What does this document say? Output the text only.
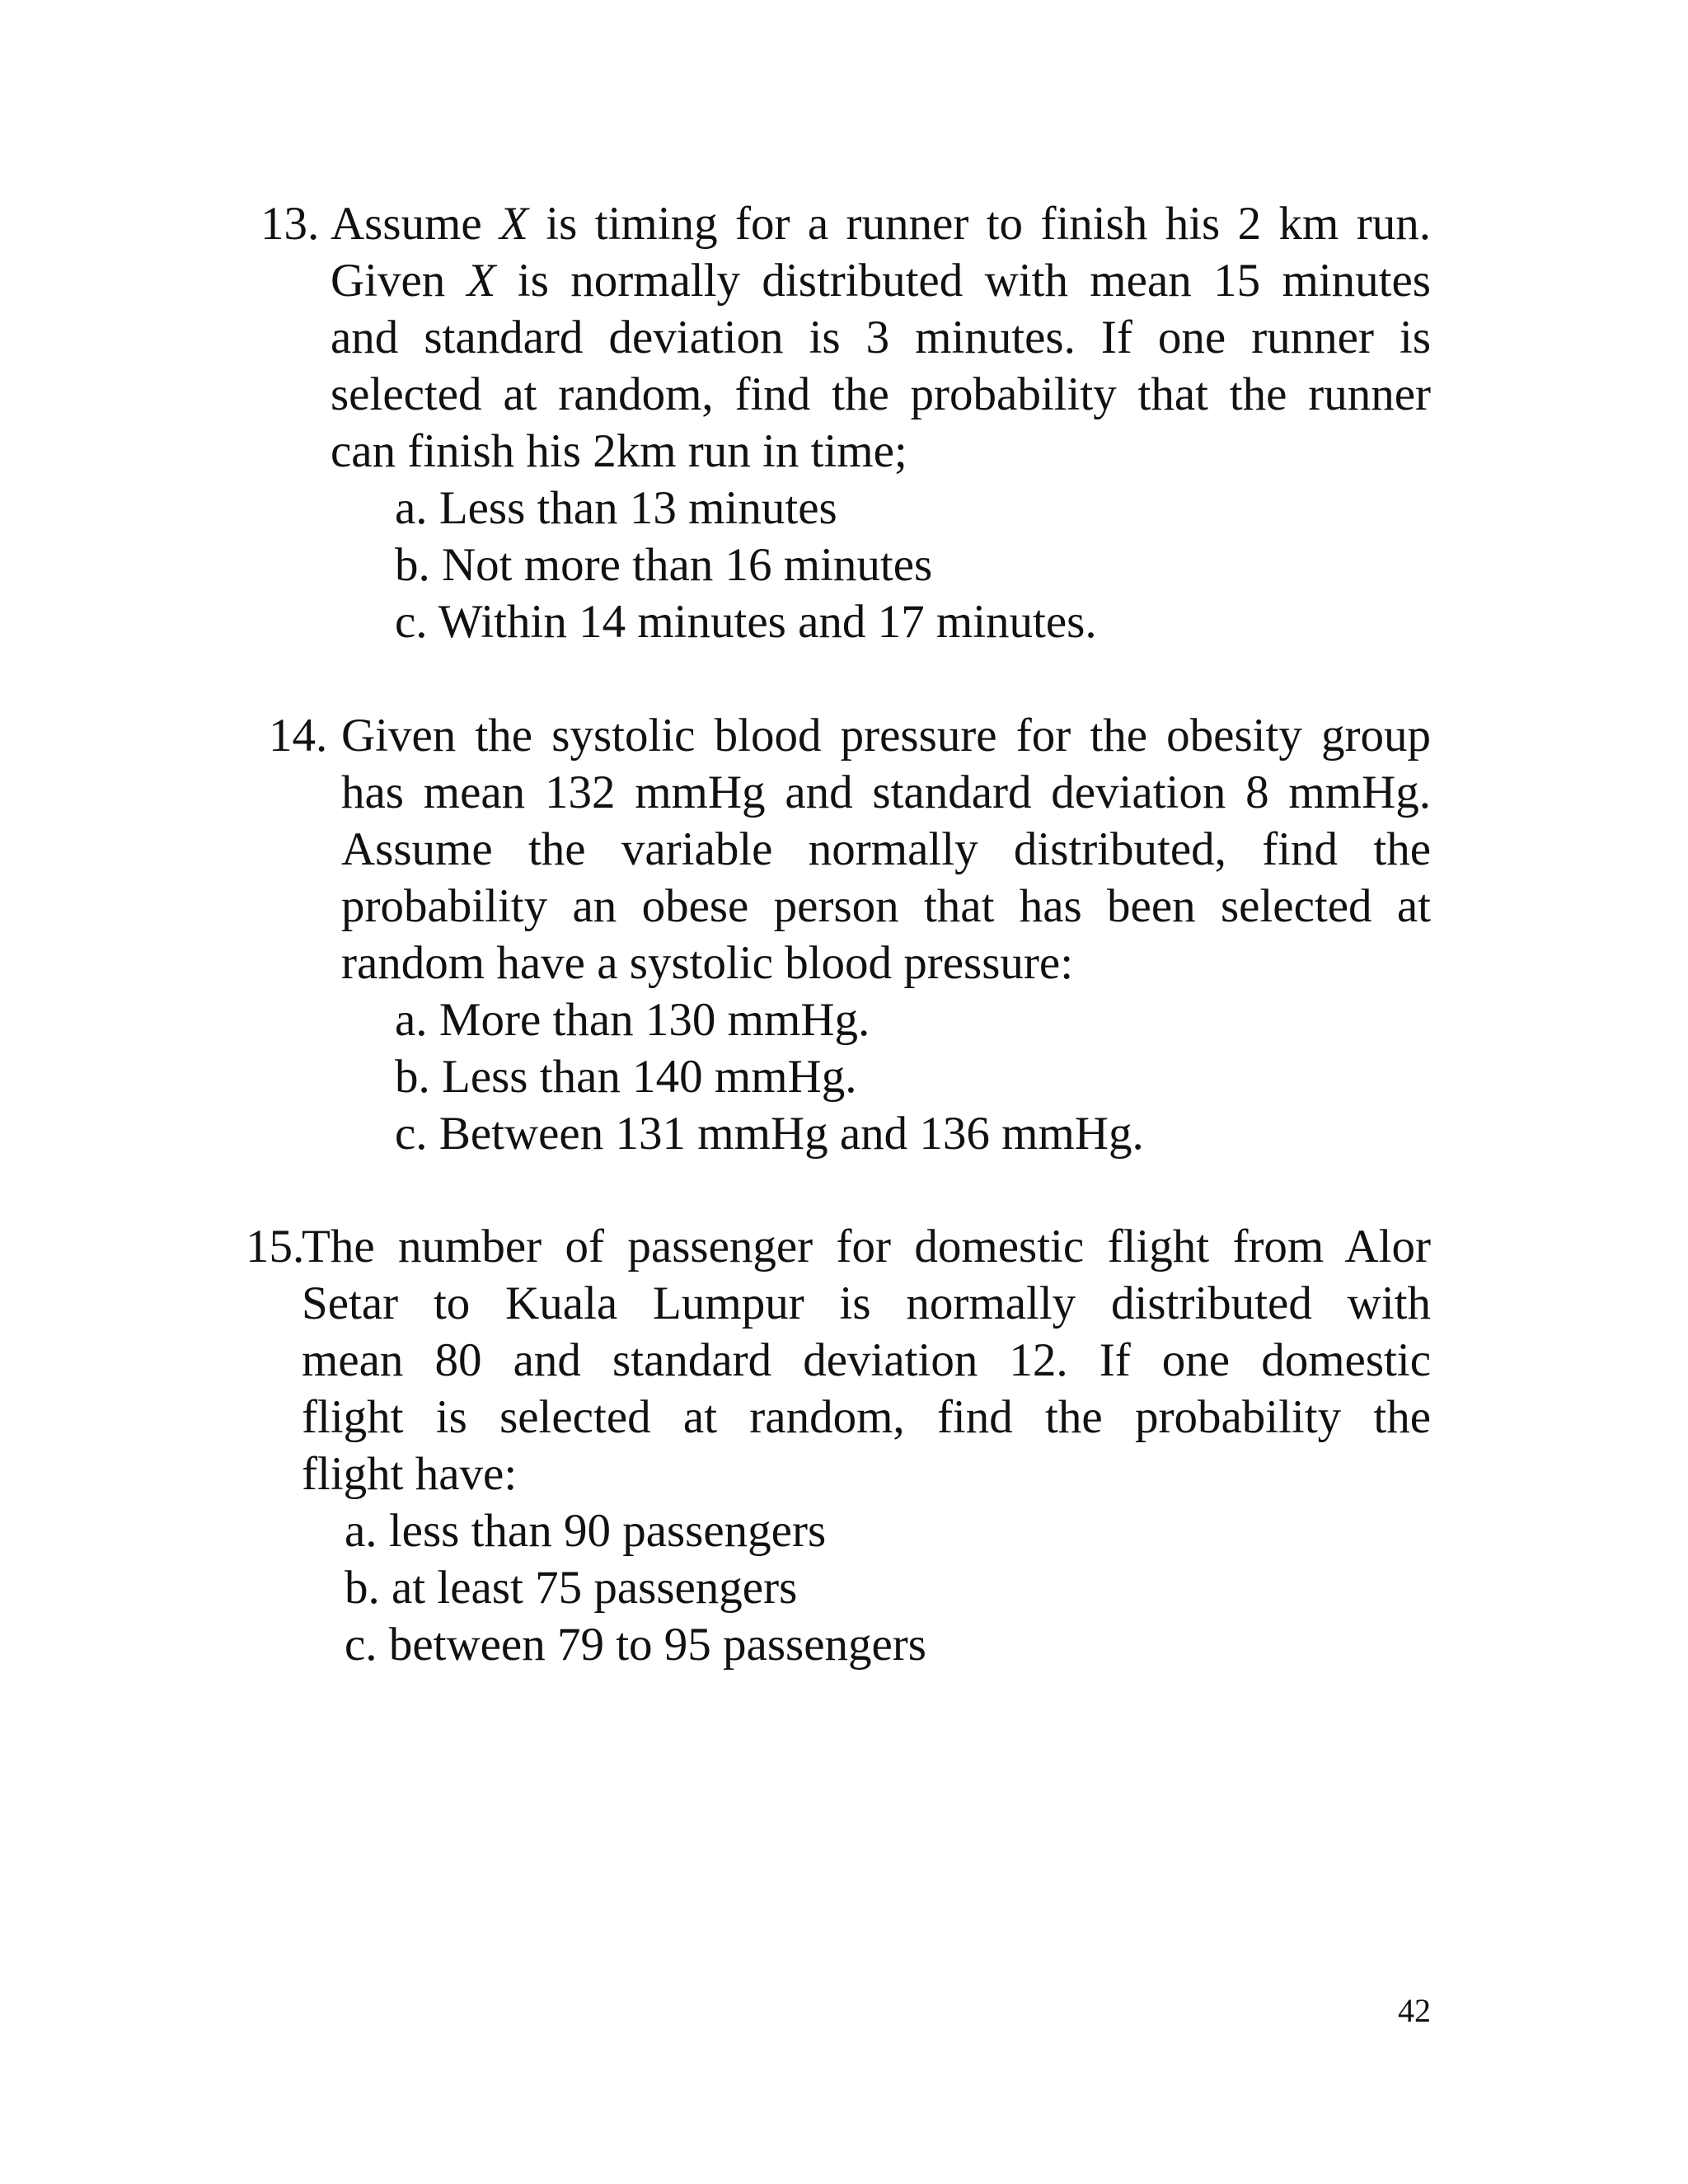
13. Assume X is timing for a runner to finish his 2 km run.
Given X is normally distributed with mean 15 minutes
and standard deviation is 3 minutes. If one runner is
selected at random, find the probability that the runner
can finish his 2km run in time;
a. Less than 13 minutes
b. Not more than 16 minutes
c. Within 14 minutes and 17 minutes.
14. Given the systolic blood pressure for the obesity group
has mean 132 mmHg and standard deviation 8 mmHg.
Assume the variable normally distributed, find the
probability an obese person that has been selected at
random have a systolic blood pressure:
a. More than 130 mmHg.
b. Less than 140 mmHg.
c. Between 131 mmHg and 136 mmHg.
15.
The number of passenger for domestic flight from Alor
Setar to Kuala Lumpur is normally distributed with
mean 80 and standard deviation 12. If one domestic
flight is selected at random, find the probability the
flight have:
a. less than 90 passengers
b. at least 75 passengers
c. between 79 to 95 passengers
42
